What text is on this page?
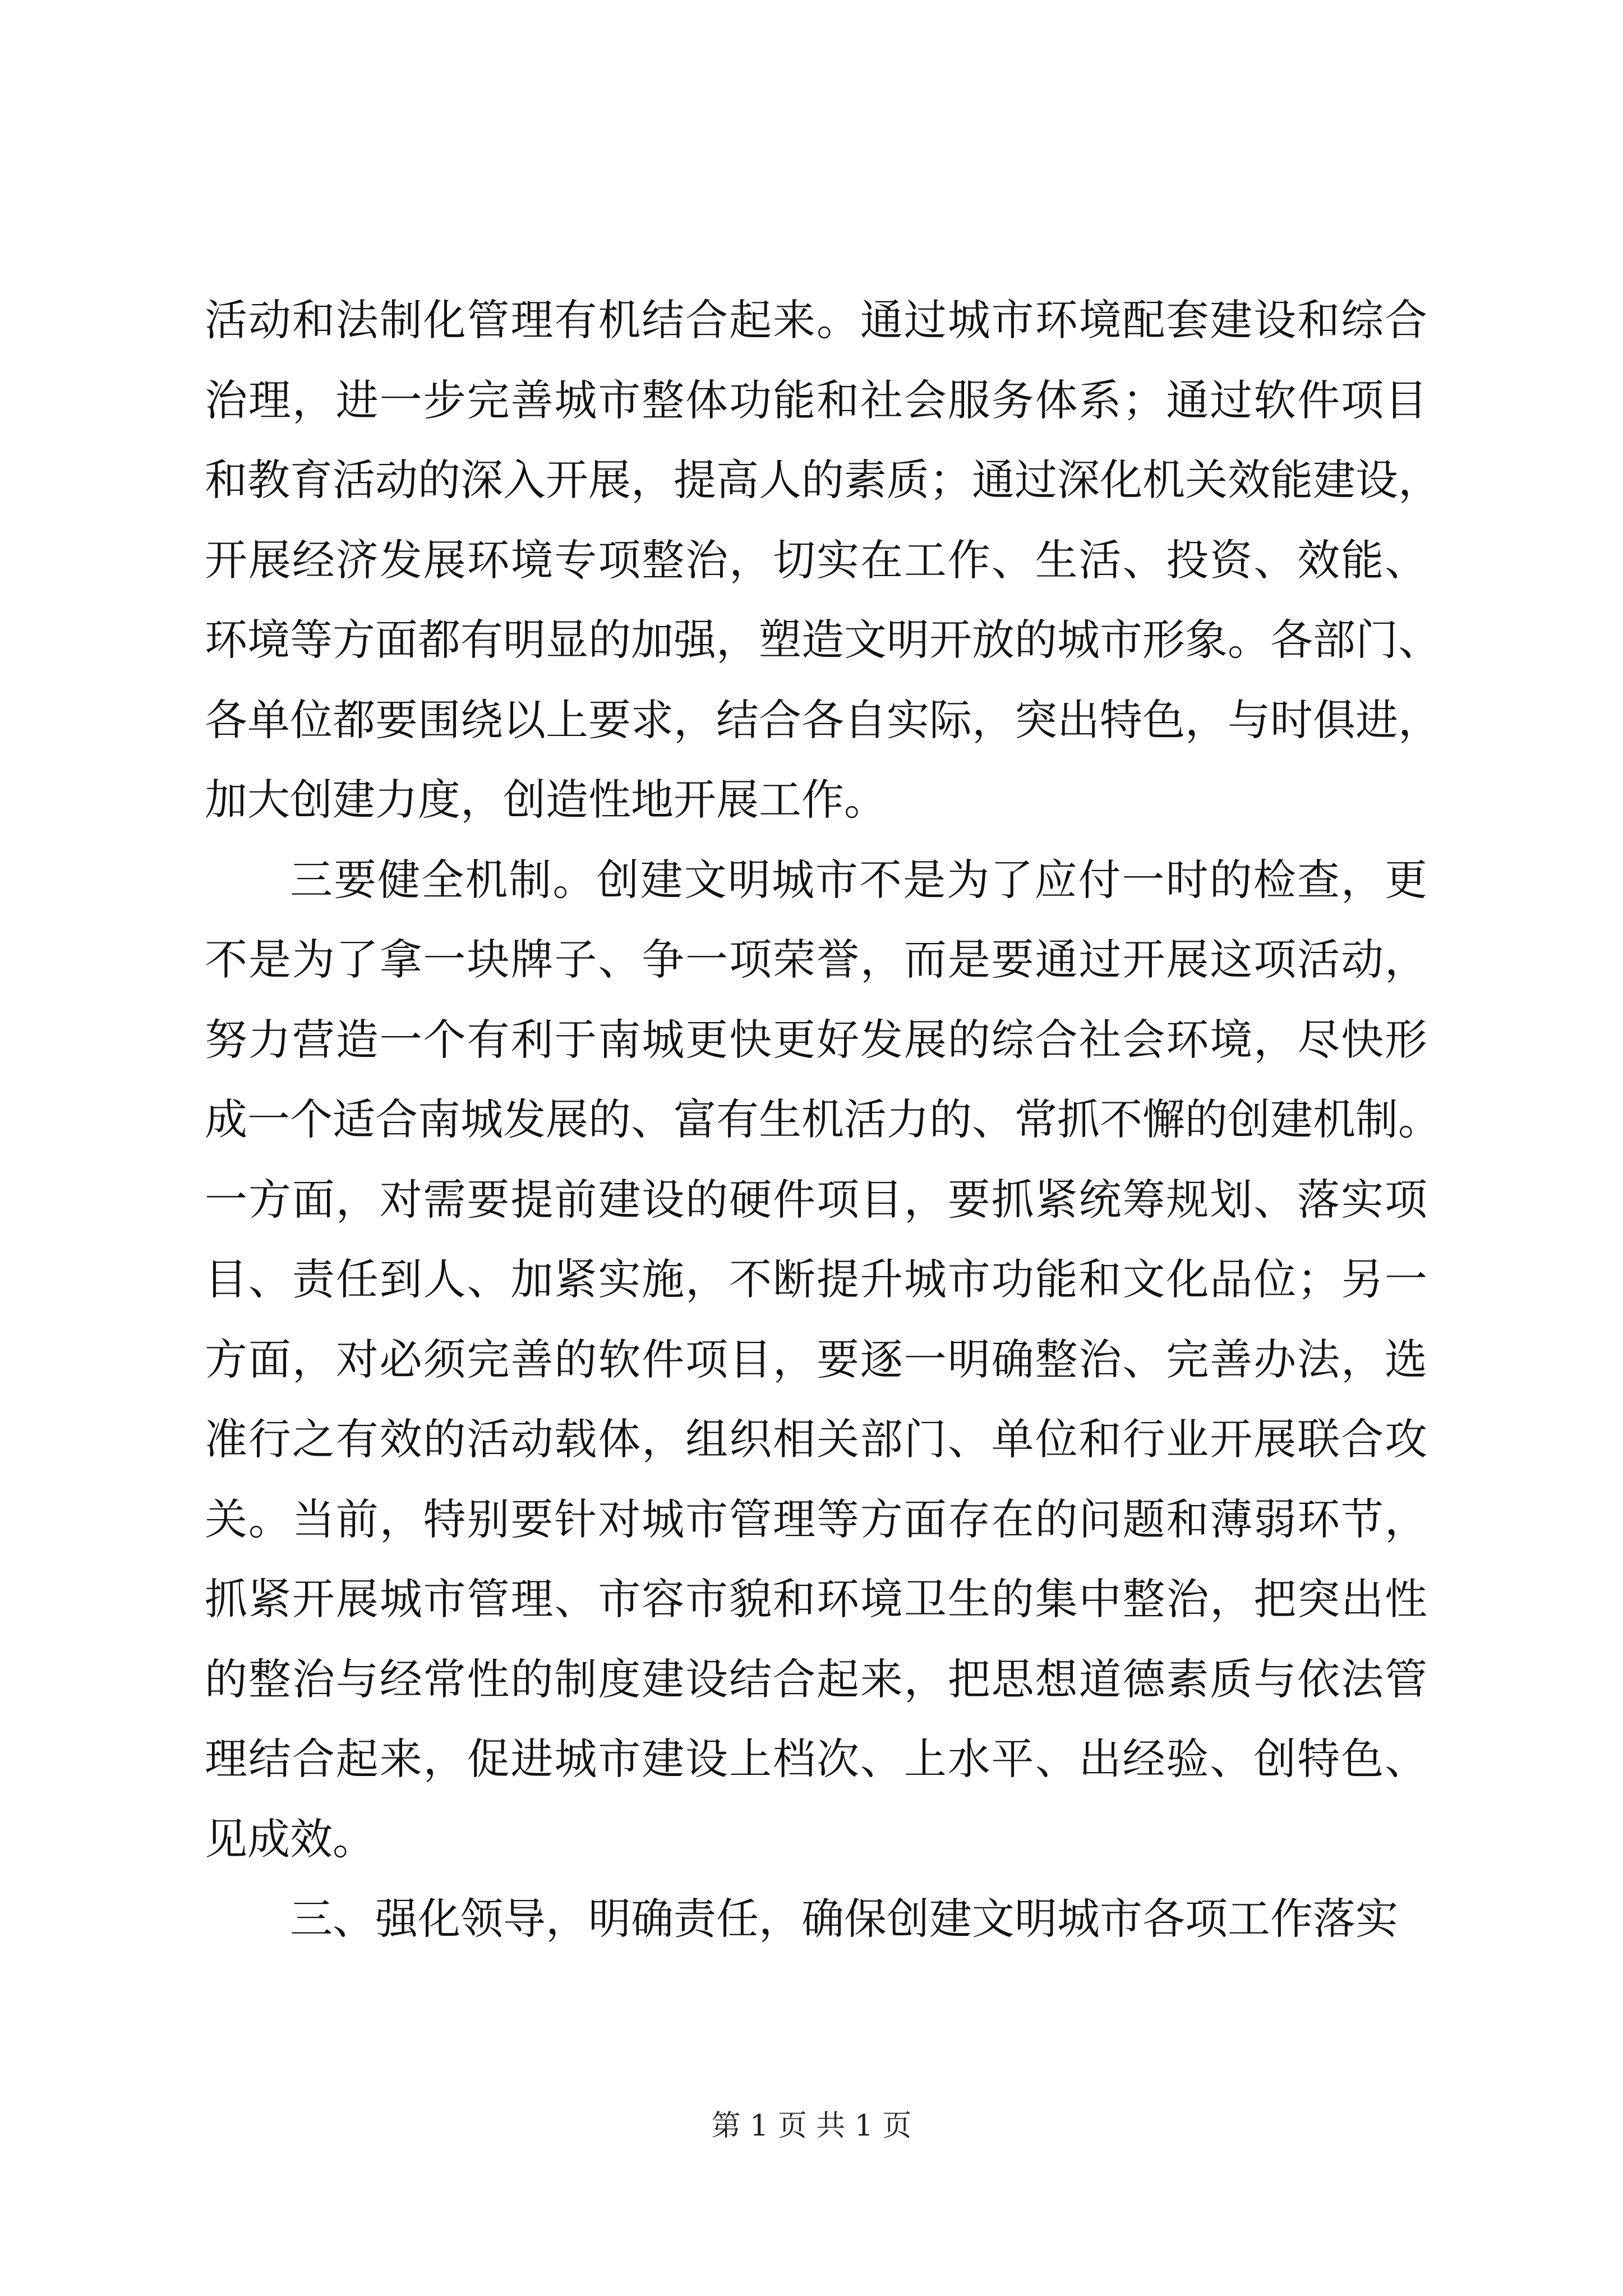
活动和法制化管理有机结合起来。通过城市环境配套建设和综合
治理，进一步完善城市整体功能和社会服务体系；通过软件项目
和教育活动的深入开展，提高人的素质；通过深化机关效能建设，
开展经济发展环境专项整治，切实在工作、生活、投资、效能、
环境等方面都有明显的加强，塑造文明开放的城市形象。各部门、
各单位都要围绕以上要求，结合各自实际，突出特色，与时俱进，
加大创建力度，创造性地开展工作。
三要健全机制。创建文明城市不是为了应付一时的检查，更
不是为了拿一块牌子、争一项荣誉，而是要通过开展这项活动，
努力营造一个有利于南城更快更好发展的综合社会环境，尽快形
成一个适合南城发展的、富有生机活力的、常抓不懈的创建机制。
一方面，对需要提前建设的硬件项目，要抓紧统筹规划、落实项
目、责任到人、加紧实施，不断提升城市功能和文化品位；另一
方面，对必须完善的软件项目，要逐一明确整治、完善办法，选
准行之有效的活动载体，组织相关部门、单位和行业开展联合攻
关。当前，特别要针对城市管理等方面存在的问题和薄弱环节，
抓紧开展城市管理、市容市貌和环境卫生的集中整治，把突出性
的整治与经常性的制度建设结合起来，把思想道德素质与依法管
理结合起来，促进城市建设上档次、上水平、出经验、创特色、
见成效。
三、强化领导，明确责任，确保创建文明城市各项工作落实
第 1 页 共 1 页
